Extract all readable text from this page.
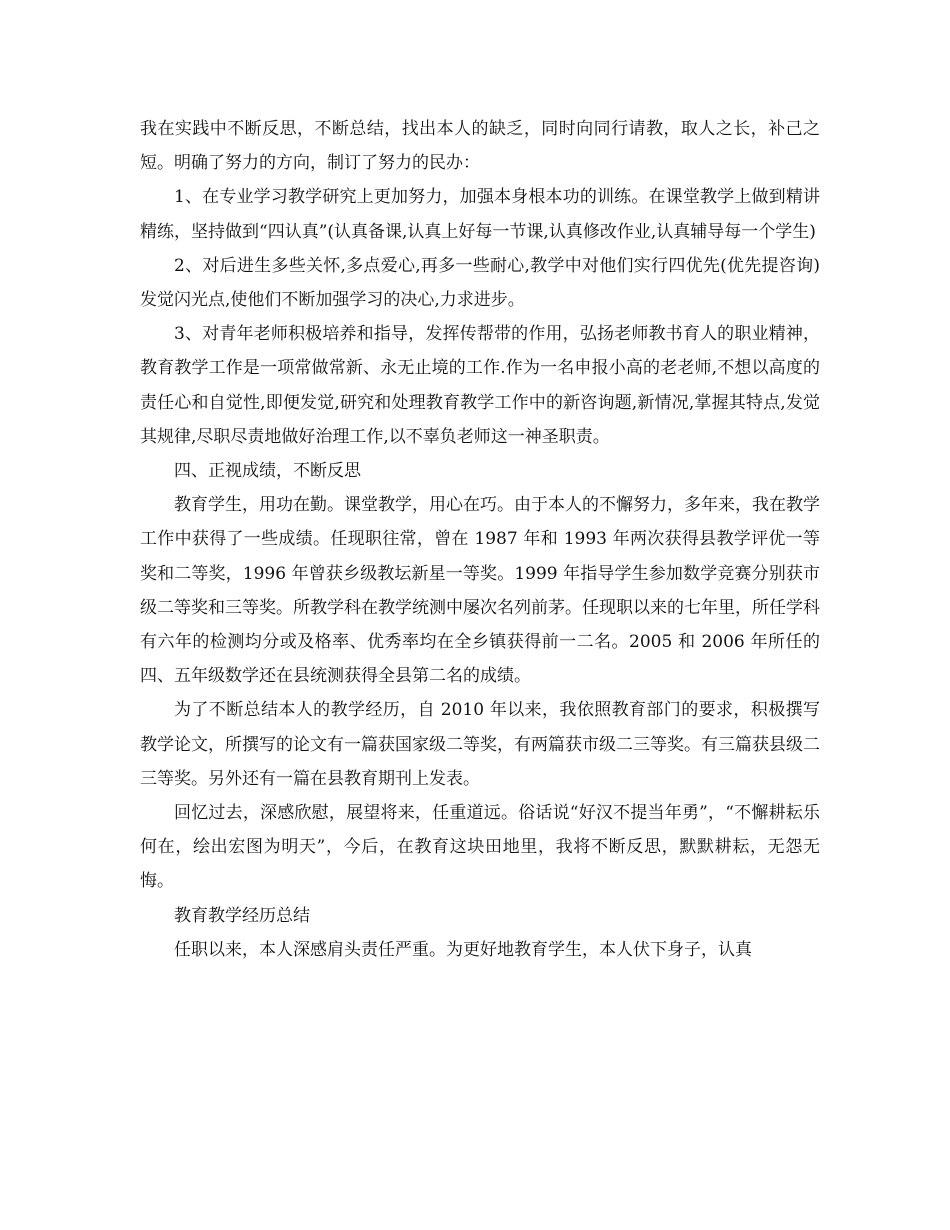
我在实践中不断反思，不断总结，找出本人的缺乏，同时向同行请教，取人之长，补己之短。明确了努力的方向，制订了努力的民办：

1、在专业学习教学研究上更加努力，加强本身根本功的训练。在课堂教学上做到精讲精练，坚持做到“四认真”(认真备课,认真上好每一节课,认真修改作业,认真辅导每一个学生)

2、对后进生多些关怀,多点爱心,再多一些耐心,教学中对他们实行四优先(优先提咨询)发觉闪光点,使他们不断加强学习的决心,力求进步。

3、对青年老师积极培养和指导，发挥传帮带的作用，弘扬老师教书育人的职业精神，教育教学工作是一项常做常新、永无止境的工作.作为一名申报小高的老老师,不想以高度的责任心和自觉性,即便发觉,研究和处理教育教学工作中的新咨询题,新情况,掌握其特点,发觉其规律,尽职尽责地做好治理工作,以不辜负老师这一神圣职责。

四、正视成绩，不断反思

教育学生，用功在勤。课堂教学，用心在巧。由于本人的不懈努力，多年来，我在教学工作中获得了一些成绩。任现职往常，曾在 1987 年和 1993 年两次获得县教学评优一等奖和二等奖，1996 年曾获乡级教坛新星一等奖。1999 年指导学生参加数学竞赛分别获市级二等奖和三等奖。所教学科在教学统测中屡次名列前茅。任现职以来的七年里，所任学科有六年的检测均分或及格率、优秀率均在全乡镇获得前一二名。2005 和 2006 年所任的四、五年级数学还在县统测获得全县第二名的成绩。

为了不断总结本人的教学经历，自 2010 年以来，我依照教育部门的要求，积极撰写教学论文，所撰写的论文有一篇获国家级二等奖，有两篇获市级二三等奖。有三篇获县级二三等奖。另外还有一篇在县教育期刊上发表。

回忆过去，深感欣慰，展望将来，任重道远。俗话说“好汉不提当年勇”，“不懈耕耘乐何在，绘出宏图为明天”，今后，在教育这块田地里，我将不断反思，默默耕耘，无怨无悔。

教育教学经历总结

任职以来，本人深感肩头责任严重。为更好地教育学生，本人伏下身子，认真
